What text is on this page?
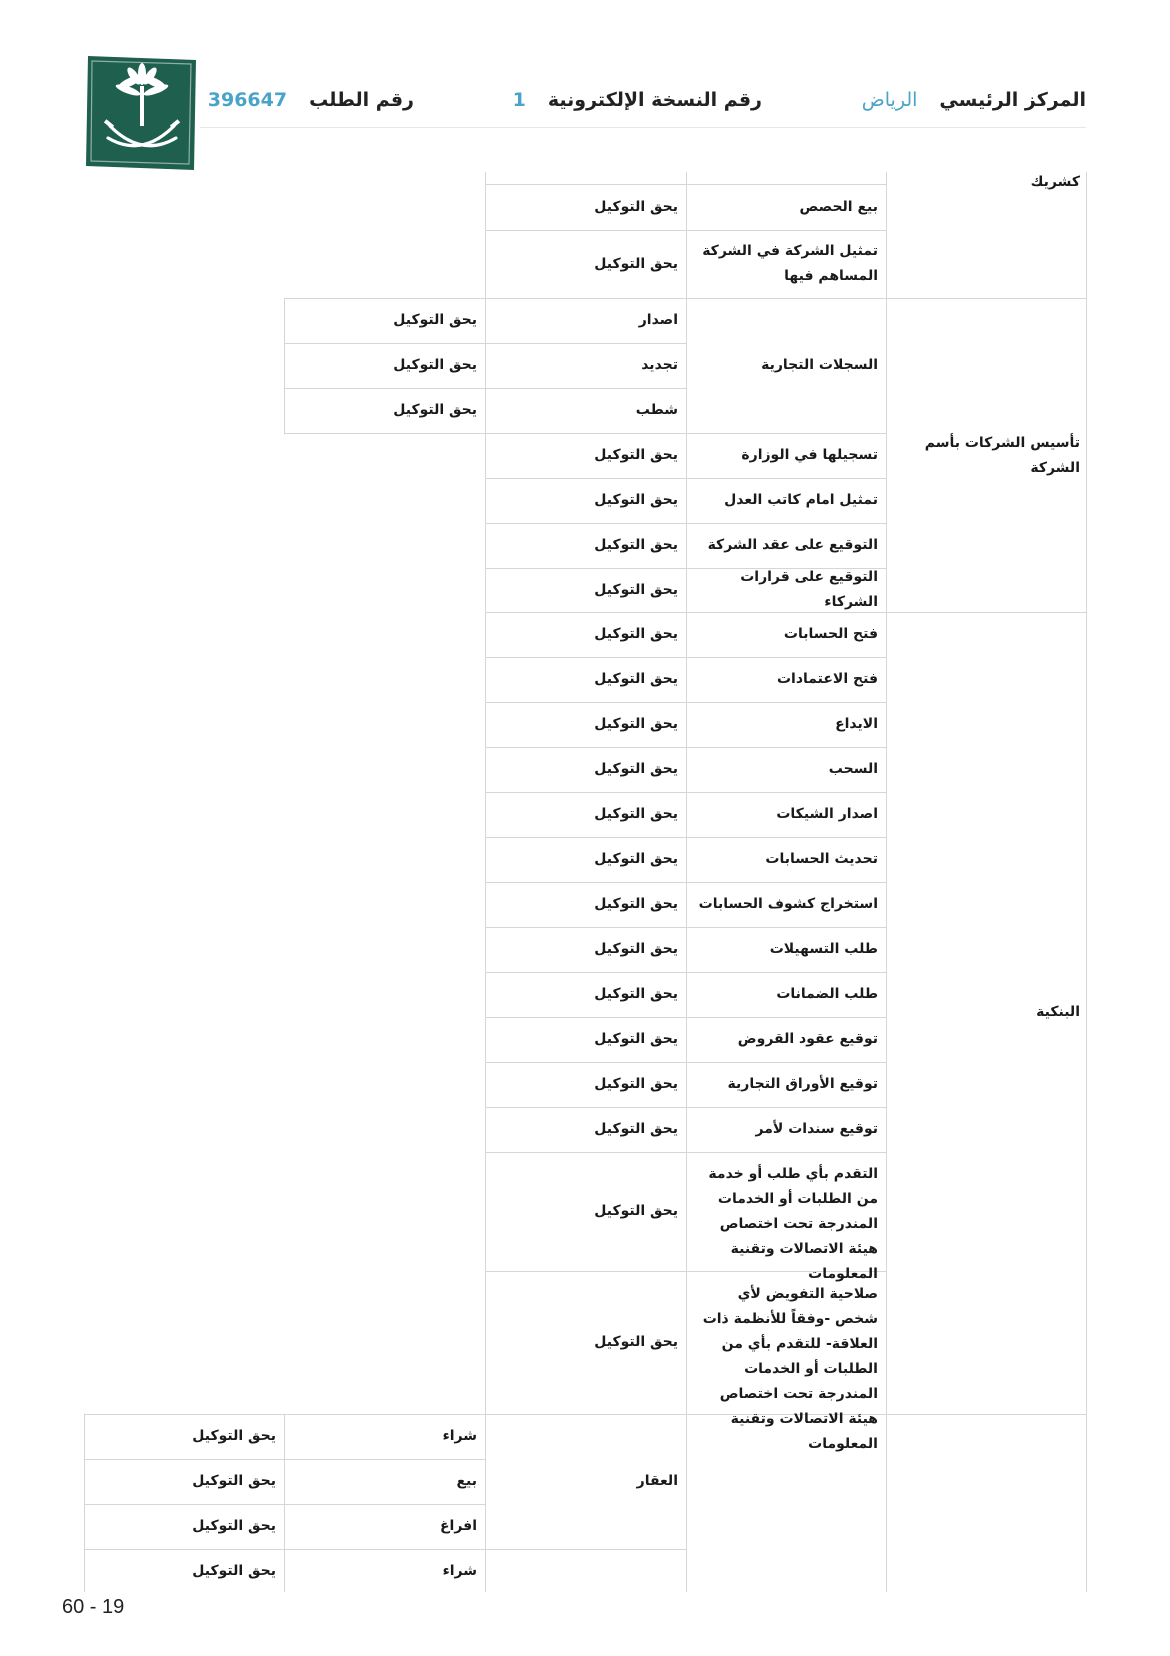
المركز الرئيسي
الرياض
رقم النسخة الإلكترونية
1
رقم الطلب
396647
كشريك
تأسيس الشركات بأسم الشركة
البنكية
بيع الحصص
تمثيل الشركة في الشركة المساهم فيها
السجلات التجارية
تسجيلها في الوزارة
تمثيل امام كاتب العدل
التوقيع على عقد الشركة
التوقيع على قرارات الشركاء
فتح الحسابات
فتح الاعتمادات
الايداع
السحب
اصدار الشيكات
تحديث الحسابات
استخراج كشوف الحسابات
طلب التسهيلات
طلب الضمانات
توقيع عقود القروض
توقيع الأوراق التجارية
توقيع سندات لأمر
التقدم بأي طلب أو خدمة من الطلبات أو الخدمات المندرجة تحت اختصاص هيئة الاتصالات وتقنية المعلومات
صلاحية التفويض لأي شخص -وفقاً للأنظمة ذات العلاقة- للتقدم بأي من الطلبات أو الخدمات المندرجة تحت اختصاص هيئة الاتصالات وتقنية المعلومات
يحق التوكيل
يحق التوكيل
اصدار
تجديد
شطب
يحق التوكيل
يحق التوكيل
يحق التوكيل
يحق التوكيل
يحق التوكيل
يحق التوكيل
يحق التوكيل
يحق التوكيل
يحق التوكيل
يحق التوكيل
يحق التوكيل
يحق التوكيل
يحق التوكيل
يحق التوكيل
يحق التوكيل
يحق التوكيل
يحق التوكيل
يحق التوكيل
العقار
يحق التوكيل
يحق التوكيل
يحق التوكيل
شراء
بيع
افراغ
شراء
يحق التوكيل
يحق التوكيل
يحق التوكيل
يحق التوكيل
60 - 19
